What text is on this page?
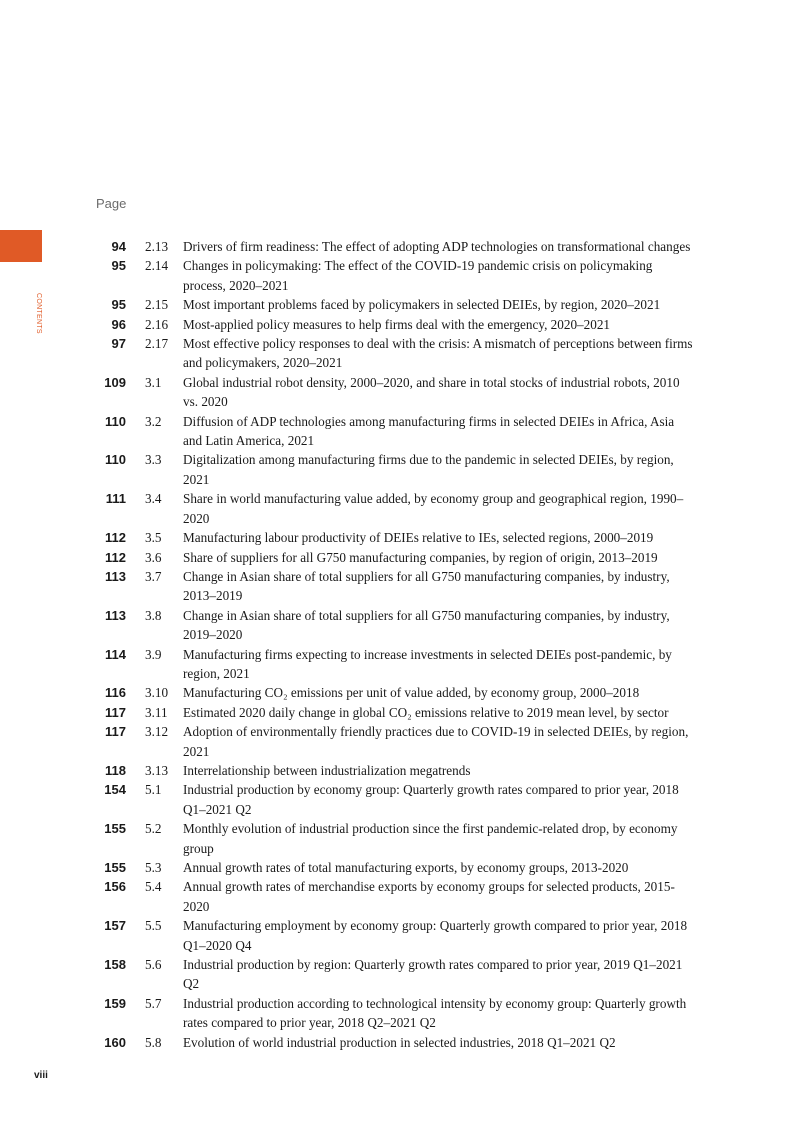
Page
CONTENTS
94 2.13 Drivers of firm readiness: The effect of adopting ADP technologies on transformational changes
95 2.14 Changes in policymaking: The effect of the COVID-19 pandemic crisis on policymaking process, 2020–2021
95 2.15 Most important problems faced by policymakers in selected DEIEs, by region, 2020–2021
96 2.16 Most-applied policy measures to help firms deal with the emergency, 2020–2021
97 2.17 Most effective policy responses to deal with the crisis: A mismatch of perceptions between firms and policymakers, 2020–2021
109 3.1 Global industrial robot density, 2000–2020, and share in total stocks of industrial robots, 2010 vs. 2020
110 3.2 Diffusion of ADP technologies among manufacturing firms in selected DEIEs in Africa, Asia and Latin America, 2021
110 3.3 Digitalization among manufacturing firms due to the pandemic in selected DEIEs, by region, 2021
111 3.4 Share in world manufacturing value added, by economy group and geographical region, 1990–2020
112 3.5 Manufacturing labour productivity of DEIEs relative to IEs, selected regions, 2000–2019
112 3.6 Share of suppliers for all G750 manufacturing companies, by region of origin, 2013–2019
113 3.7 Change in Asian share of total suppliers for all G750 manufacturing companies, by industry, 2013–2019
113 3.8 Change in Asian share of total suppliers for all G750 manufacturing companies, by industry, 2019–2020
114 3.9 Manufacturing firms expecting to increase investments in selected DEIEs post-pandemic, by region, 2021
116 3.10 Manufacturing CO₂ emissions per unit of value added, by economy group, 2000–2018
117 3.11 Estimated 2020 daily change in global CO₂ emissions relative to 2019 mean level, by sector
117 3.12 Adoption of environmentally friendly practices due to COVID-19 in selected DEIEs, by region, 2021
118 3.13 Interrelationship between industrialization megatrends
154 5.1 Industrial production by economy group: Quarterly growth rates compared to prior year, 2018 Q1–2021 Q2
155 5.2 Monthly evolution of industrial production since the first pandemic-related drop, by economy group
155 5.3 Annual growth rates of total manufacturing exports, by economy groups, 2013-2020
156 5.4 Annual growth rates of merchandise exports by economy groups for selected products, 2015-2020
157 5.5 Manufacturing employment by economy group: Quarterly growth compared to prior year, 2018 Q1–2020 Q4
158 5.6 Industrial production by region: Quarterly growth rates compared to prior year, 2019 Q1–2021 Q2
159 5.7 Industrial production according to technological intensity by economy group: Quarterly growth rates compared to prior year, 2018 Q2–2021 Q2
160 5.8 Evolution of world industrial production in selected industries, 2018 Q1–2021 Q2
viii
